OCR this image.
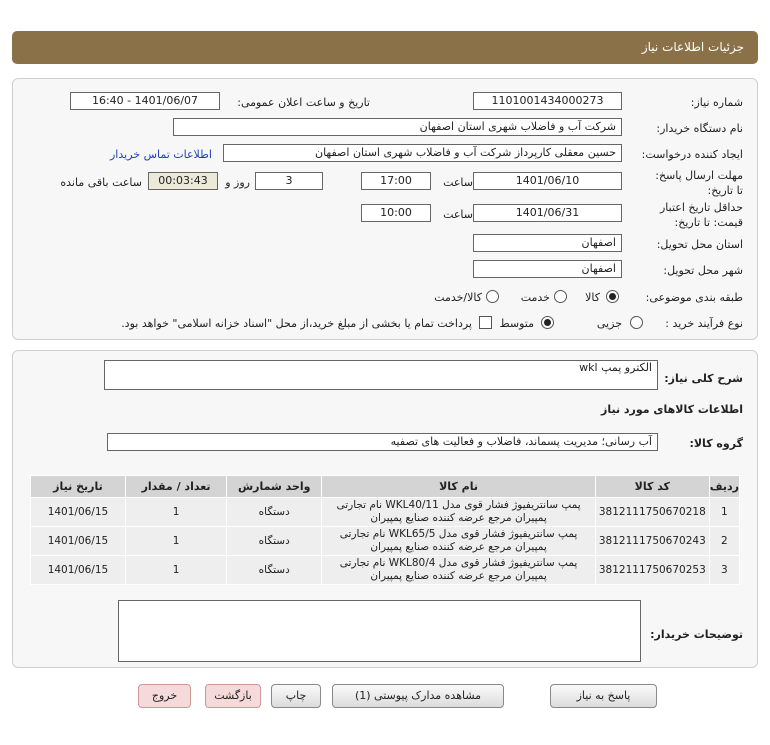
جزئیات اطلاعات نیاز
شماره نیاز:
1101001434000273
تاریخ و ساعت اعلان عمومی:
1401/06/07 - 16:40
نام دستگاه خریدار:
شرکت آب و فاضلاب شهری استان اصفهان
ایجاد کننده درخواست:
حسین معقلی کارپرداز شرکت آب و فاضلاب شهری استان اصفهان
اطلاعات تماس خریدار
مهلت ارسال پاسخ: تا تاریخ:
1401/06/10
ساعت
17:00
3
روز و
00:03:43
ساعت باقی مانده
حداقل تاریخ اعتبار قیمت: تا تاریخ:
1401/06/31
ساعت
10:00
استان محل تحویل:
اصفهان
شهر محل تحویل:
اصفهان
طبقه بندی موضوعی:
کالا
خدمت
کالا/خدمت
نوع فرآیند خرید :
جزیی
متوسط
پرداخت تمام یا بخشی از مبلغ خرید،از محل "اسناد خزانه اسلامی" خواهد بود.
شرح کلی نیاز:
الکترو پمپ wkl
اطلاعات کالاهای مورد نیاز
گروه کالا:
آب رسانی؛ مدیریت پسماند، فاضلاب و فعالیت های تصفیه
تاریخ نیاز	تعداد / مقدار	واحد شمارش	نام کالا	کد کالا	ردیف
1401/06/15	1	دستگاه	پمپ سانتریفیوژ فشار قوی مدل WKL40/11 نام تجارتی پمپیران مرجع عرضه کننده صنایع پمپیران	3812111750670218	1
1401/06/15	1	دستگاه	پمپ سانتریفیوژ فشار قوی مدل WKL65/5 نام تجارتی پمپیران مرجع عرضه کننده صنایع پمپیران	3812111750670243	2
1401/06/15	1	دستگاه	پمپ سانتریفیوژ فشار قوی مدل WKL80/4 نام تجارتی پمپیران مرجع عرضه کننده صنایع پمپیران	3812111750670253	3
توضیحات خریدار:
پاسخ به نیاز
مشاهده مدارک پیوستی (1)
چاپ
بازگشت
خروج
